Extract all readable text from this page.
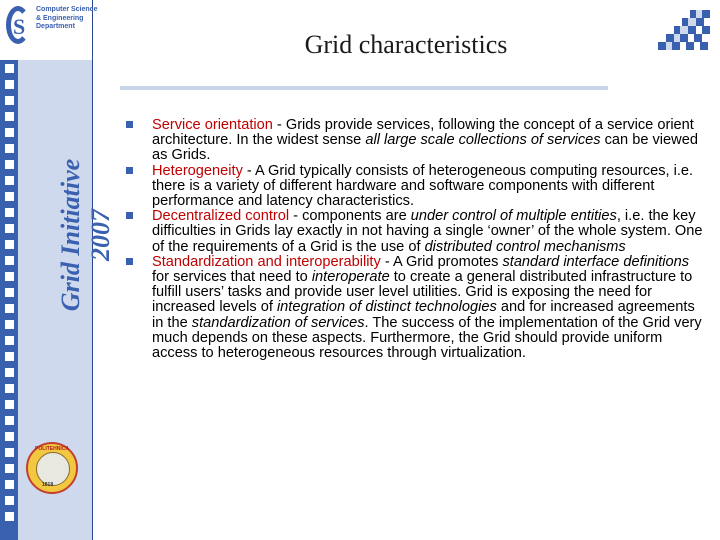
Grid Initiative 2007
POLITEHNICA
1818
S
Computer Science
& Engineering
Department
Grid characteristics
Service orientation - Grids provide services, following the concept of a service orient architecture. In the widest sense all large scale collections of services can be viewed as Grids.
Heterogeneity - A Grid typically consists of heterogeneous computing resources, i.e. there is a variety of different hardware and software components with different performance and latency characteristics.
Decentralized control - components are under control of multiple entities, i.e. the key difficulties in Grids lay exactly in not having a single ‘owner’ of the whole system. One of the requirements of a Grid is the use of distributed control mechanisms
Standardization and interoperability - A Grid promotes standard interface definitions for services that need to interoperate to create a general distributed infrastructure to fulfill users’ tasks and provide user level utilities. Grid is exposing the need for increased levels of integration of distinct technologies and for increased agreements in the standardization of services. The success of the implementation of the Grid very much depends on these aspects. Furthermore, the Grid should provide uniform access to heterogeneous resources through virtualization.
